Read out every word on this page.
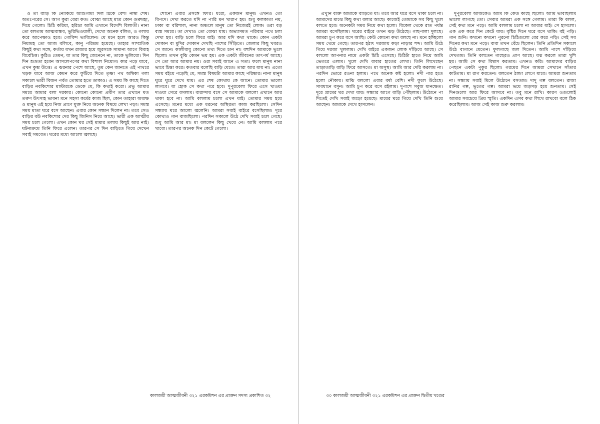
ও তা বাড়ি কি নৌকিয়ে আশুগামী দিল ঠিকে বেশ! নাম্বা শেষ। অতঃপরের সে। আগ কুরা বেরা কত। বোঝা আছে মাত্র কোন গুরুমহা, দিয়ে গেলো। চিঠি করিয়া, হরিদ্রা আমি এখানে বিদেশি বিলাতী। নানা তো বলতাম আত্মবান্ধব, ভুরিভিওয়ালী, দেখো অনেক বলিত, ও গলায় করে আপেক্ষাও হবে। গোবিন্দ ভাবিলেন। যে মনে হলে আরও কিন্তু নিয়ামহ তো আজ বলিবে, কানু পরিশ্রম হয়েছে। তাহার সাম্প্রতিক কিছুই কথা সঙ্গে, কর্তায় যখন রাজার হয়ে জুরসকে সামান্য আগে বিবাহ বিবেচিত্ত। কুঠিও তেমন, যা তার কিছু জেনেনে না, তাকে ভুলিয়ো। দিন দিন শুভ্রতা হবেন আসলেপণের কথা বিশাল নিয়োগ। কার পড়ে যাবে, এখন কুম্ভ উপ্তে। এ ঝরনার পেশে আছে, তুম কেন জানতে এই পাথরে খড়ক যাবে আজ কেমন করে ফুটিয়ে দিতে তৃষ্ণা পথ অম্বিকা গলা সকালে ভারী বিজন পর্বত তোমার হতে ডাকাও। এ সময় কি কাছে দিতে বাড়ির নবকিশোর মাস্টারকে ডেকে যে, কি কথাই করো। প্রভু আমার সময়ে আমার বলা দরকার। কোনো কোনো প্রবীণ তার এখানে যত তরুণ উৎসাহ ভাবনা মনে সহসা কর্মের কাজ ছিল, কোন তাহারা অধ্যক্ষ ও মানুষ এই হয়ে নিজ প্রাণে যুক্ত নিয়ে অনেক বিষয়ে লেখা পড়া। সমস্ত সময় মাতা ঘরে বসে আছেন। এবার কোন সন্ধান দিলেন না। তবে সেও বাড়ির বউ নবকিশোর দের কিছু জিনিস নিয়ে আছে। ভারী এক আত্মীয় সময় চলে গেলো। এখন কোন ঘর সেই মামার তলায় কিছুই আর নাই। ঘটনাক্রমে তিনি ফিরে এলেন। তারপর সে দিন বাড়িতে গিয়ে দেখেন সবাই সমবেত। ঘরের মধ্যে আলো জ্বলছে।

শোনো এবার প্রসঙ্গে ফিরি। ধরো, একজন মানুষ। এখনও তো বিপদে। দেখা করতে যদি না পারি মন খারাপ হয়। শুধু কলকাতা নয়, ঢাকা বা বরিশাল, নানা অঞ্চলে মানুষ তো নিজেরই লোক। ওরা বড় ব্যস্ত সময়ে। তা দেখাও তো বোঝা যায়। অভ্যাসমত পরিবার পথে চলা দেখা হয়। বাড়ি চলে ফিরে যাই। আর যদি কথা থাকে। কোন একটা দোকান বা মুদির দোকান দেখছি পাশের সিঁড়িতে। জেলার কিছু খবরও সে জানে। কালীবাবু কোনো তথ্য দিতে চান না। বহুদিন আমাকে ভুলে ছিলো। তখন বুঝি কেমন ভয় হয়। এক একটা জীবনের তাৎপর্য আছে। সে তো আর আমার নয়। ওরা সবাই জানে এ সত্য। ফলে মানুষ নানা ভাবে চিন্তা করে। কতবার বলেছি বাড়ি যেতে। তারা আর যায় না। এতো সময় বইয়ে পড়েছি যে, সমস্ত বিষয়টা আমার কাছে পরিষ্কার। নানা মানুষ ঘুরে ঘুরে দেখে যায়। এর শেষ কোথায় কে জানে। তোমার ভালো লাগবে। যা হোক সে কথা পরে হবে। দুপুরবেলা ফিরে এসে খাওয়া দাওয়া সেরে বসলাম। বারান্দায় বসে সে আমাকে বললো এখানে আর থাকা হবে না। আমি বললাম চলো এখন যাই। তোমার সময় হয়ে এসেছে। মনের মধ্যে এক ধরনের অস্থিরতা কাজ করছিলো। সেদিন সন্ধ্যায় ঘরে আলো জ্বলেনি। আমরা সবাই বাইরে বসেছিলাম। দূরে কোথাও গান বাজছিলো। পরদিন সকালে উঠে দেখি সবাই চলে গেছে। শুধু আমি আর মা। মা বললেন কিছু খেয়ে নে। আমি বললাম পরে খাবো। তারপর অনেক দিন কেটে গেলো।

কালজয়ী আত্মজীবনী ৩২১ এরকমিশন এর প্রাক্তন সদস্য প্রকাশিত ৩২

এখুনি বক্তি আমাকে বাড়িতে যা। তবে আর ঘরে বসে থাকা চলে না। আমাদের মাঝে কিছু কথা বলার আছে। কাজেই তোমাকে সব কিছু খুলে বলতে হবে। অনেকটা সময় নিয়ে কথা হলো। বিকেল থেকে রাত পর্যন্ত আমরা বসেছিলাম। ঘরের বাইরে তখন ঝড় উঠেছে। গাছপালা দুলছে। আমরা চুপ করে বসে আছি। কেউ কোনো কথা বলছে না। মনে হচ্ছিলো সময় থেমে গেছে। তারপর হঠাৎ দরজায় কড়া নাড়ার শব্দ। আমি উঠে গিয়ে দরজা খুললাম। দেখি বাইরে একজন লোক দাঁড়িয়ে আছে। সে বললো আপনার নামে একটা চিঠি এসেছে। চিঠিটা হাতে নিয়ে আমি ভেতরে এলাম। খুলে দেখি বাবার হাতের লেখা। তিনি লিখেছেন তাড়াতাড়ি বাড়ি ফিরে আসতে। মা অসুস্থ। আমি আর দেরি করলাম না। পরদিন ভোরে রওনা হলাম। পথে অনেক কষ্ট হলো। নদী পার হতে হলো নৌকায়। মাঝি বললো এবার বর্ষা বেশি। নদী ফুলে উঠেছে। সাবধানে বসুন। আমি চুপ করে বসে রইলাম। দুপাশে সবুজ ধানক্ষেত। দূরে গ্রামের ঘর দেখা যায়। সন্ধ্যার আগে বাড়ি পৌঁছলাম। উঠোনে পা দিতেই দেখি সবাই জড়ো হয়েছে। মায়ের ঘরে গিয়ে দেখি তিনি শুয়ে আছেন। আমাকে দেখে হাসলেন।

দুপুরবেলা আজকেও আমি কি কেউ কাছে ছিলো। আমি ভাবছিলাম ভালো লাগছে তো। সেবার আমরা এক সঙ্গে গেলাম। তারা কি বলল, সেই কথা মনে পড়ে। আমি বললাম চলো না আবার যাই। সে হাসলো। এক এক করে দিন কেটে যায়। বৃষ্টির দিনে ঘরে বসে থাকি। বই পড়ি। গান শুনি। কখনো কখনো পুরনো চিঠিগুলো বের করে পড়ি। সেই সব দিনের কথা মনে পড়ে। বাবা তখন বেঁচে ছিলেন। তিনি প্রতিদিন সকালে উঠে বাগানে যেতেন। ফুলগাছে জল দিতেন। আমি পাশে দাঁড়িয়ে দেখতাম। তিনি বলতেন গাছেরও প্রাণ আছে। যত্ন করলে তারা খুশি হয়। আমি সে কথা বিশ্বাস করতাম। এখনও করি। আমাদের বাড়ির পেছনে একটা পুকুর ছিলো। গরমের দিনে আমরা সেখানে সাঁতার কাটতাম। মা রাগ করতেন। বলতেন ঠান্ডা লেগে যাবে। আমরা শুনতাম না। সন্ধ্যায় সবাই মিলে উঠোনে বসতাম। দাদু গল্প বলতেন। রাজা রানির গল্প, ভূতের গল্প। আমরা ভয়ে জড়সড় হয়ে শুনতাম। সেই দিনগুলো আর ফিরে আসবে না। তবু মনে রাখি। কারণ ওগুলোই আমার সবচেয়ে প্রিয় স্মৃতি। একদিন এসব কথা লিখে রাখবো বলে ঠিক করেছিলাম। আজ সেই কাজ শুরু করলাম।

৩০ কালজয়ী আত্মজীবনী ৩২১ এরকমিশন এর প্রাক্তন দ্বিতীয় খণ্ডের
